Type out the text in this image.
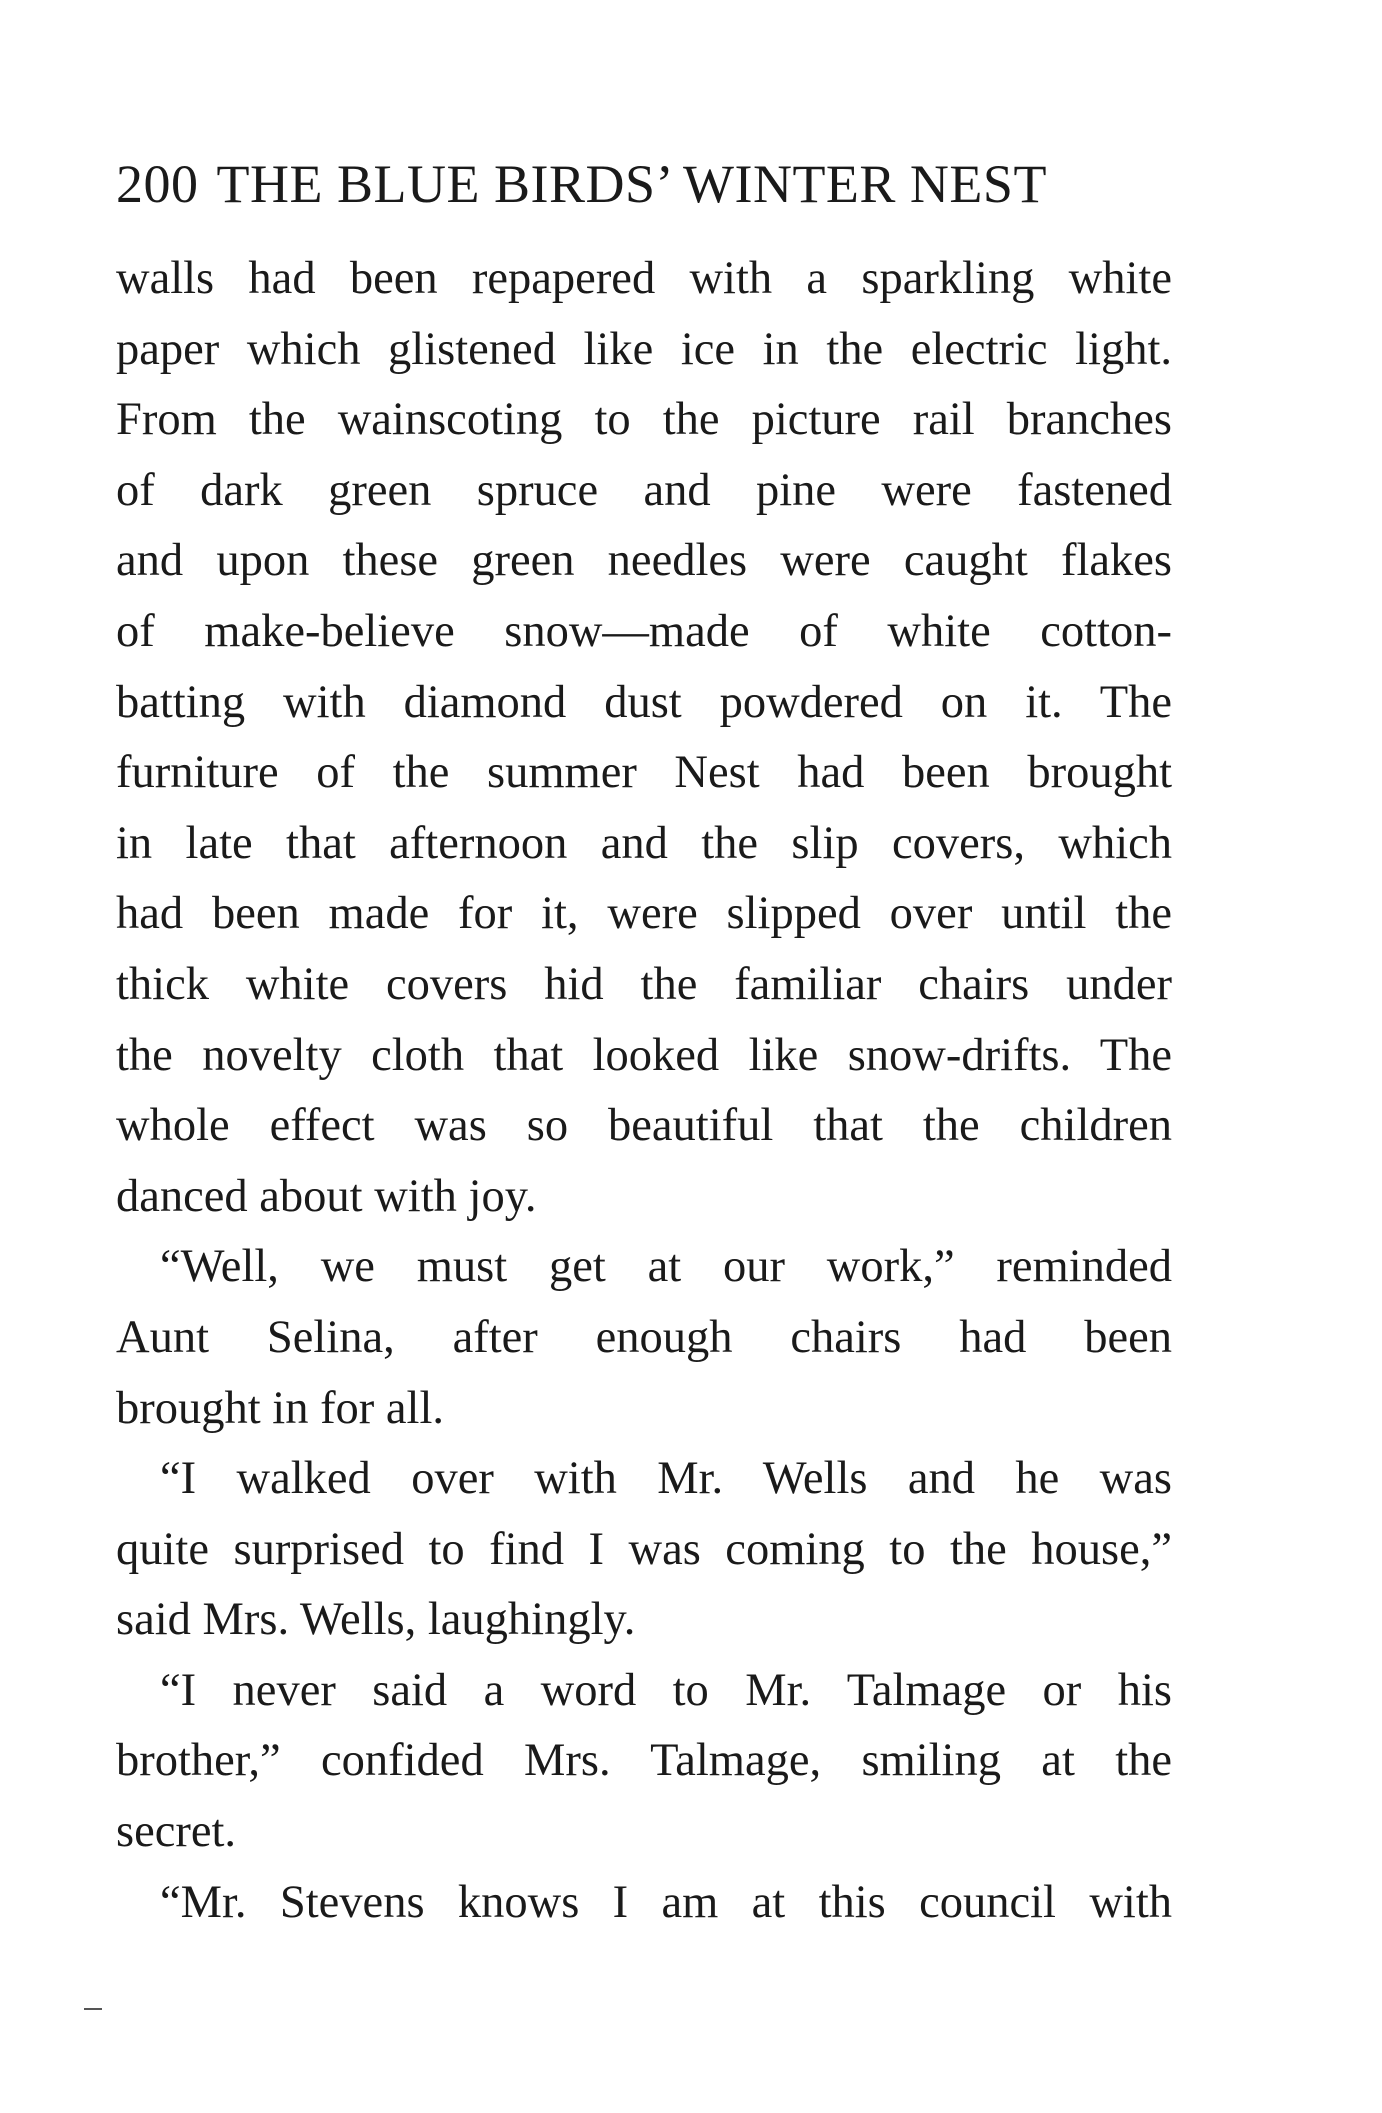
200 THE BLUE BIRDS’ WINTER NEST
walls had been repapered with a sparkling white
paper which glistened like ice in the electric light.
From the wainscoting to the picture rail branches
of dark green spruce and pine were fastened
and upon these green needles were caught flakes
of make-believe snow—made of white cotton-
batting with diamond dust powdered on it. The
furniture of the summer Nest had been brought
in late that afternoon and the slip covers, which
had been made for it, were slipped over until the
thick white covers hid the familiar chairs under
the novelty cloth that looked like snow-drifts. The
whole effect was so beautiful that the children
danced about with joy.
“Well, we must get at our work,” reminded
Aunt Selina, after enough chairs had been
brought in for all.
“I walked over with Mr. Wells and he was
quite surprised to find I was coming to the house,”
said Mrs. Wells, laughingly.
“I never said a word to Mr. Talmage or his
brother,” confided Mrs. Talmage, smiling at the
secret.
“Mr. Stevens knows I am at this council with
